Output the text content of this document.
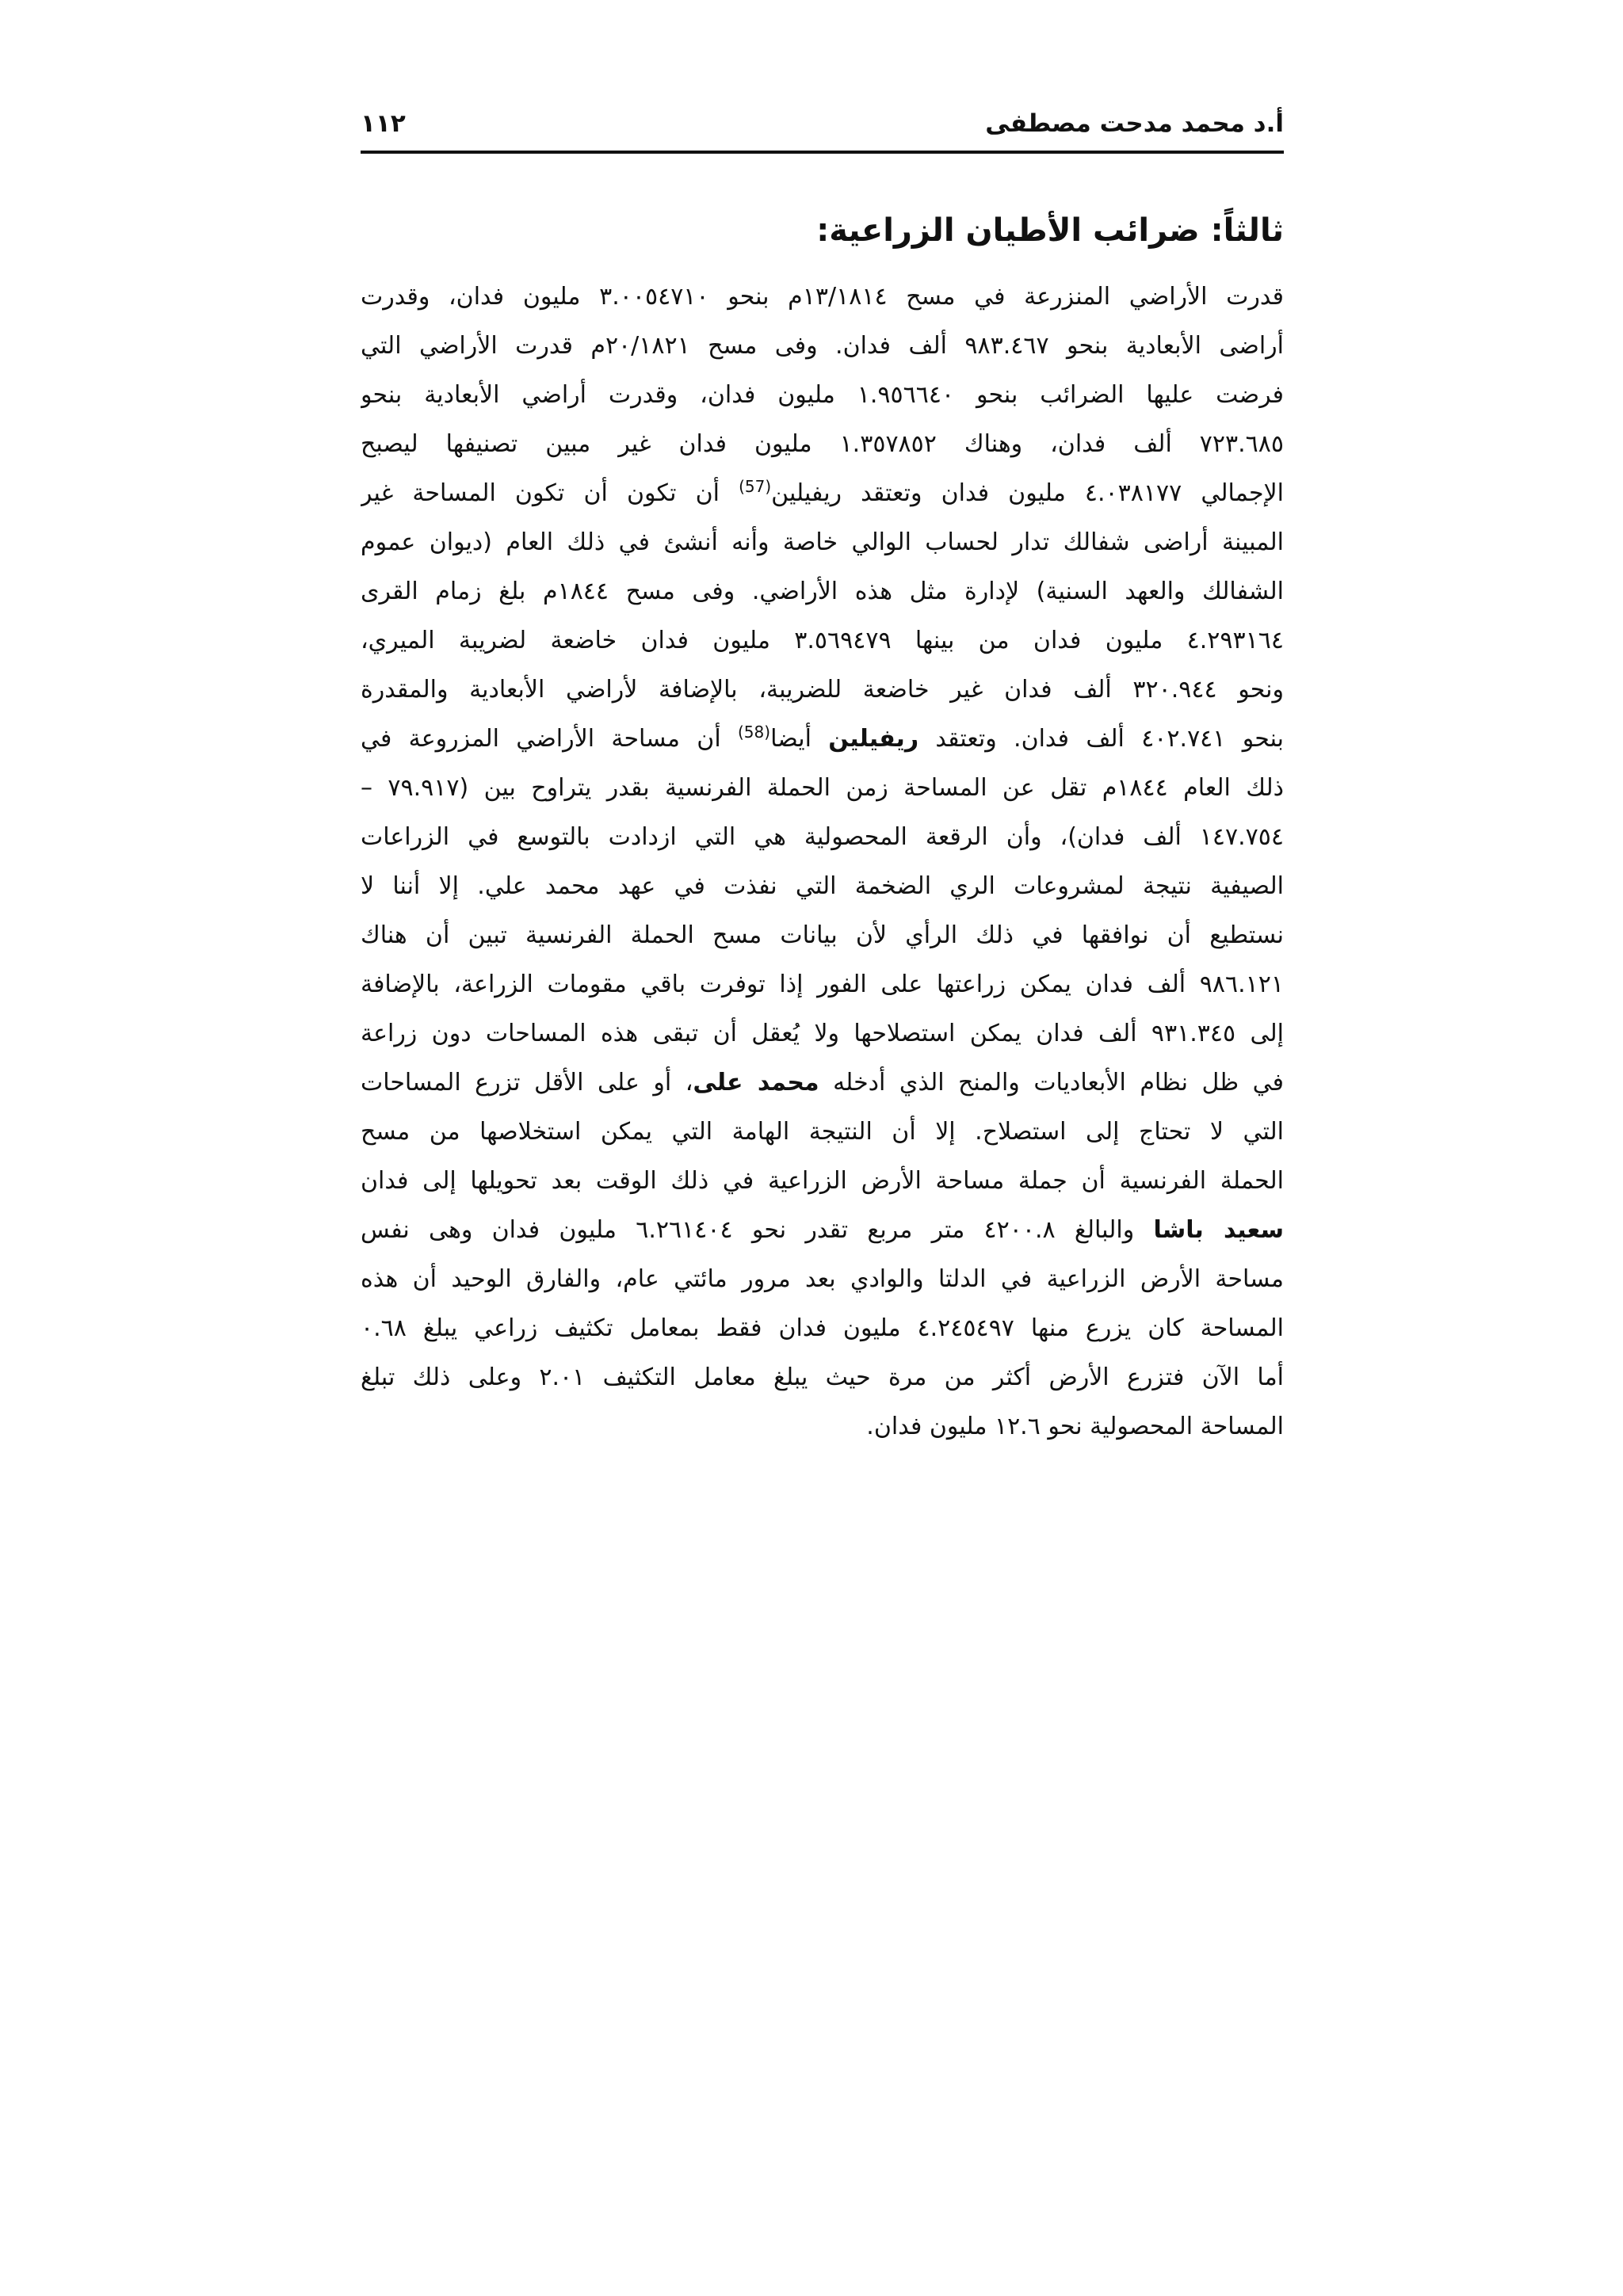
أ.د محمد مدحت مصطفى
١١٢
ثالثاً: ضرائب الأطيان الزراعية:
قدرت الأراضي المنزرعة في مسح ١٣/١٨١٤م بنحو ٣.٠٠٥٤٧١٠ مليون فدان، وقدرت
أراضى الأبعادية بنحو ٩٨٣.٤٦٧ ألف فدان. وفى مسح ٢٠/١٨٢١م قدرت الأراضي التي
فرضت عليها الضرائب بنحو ١.٩٥٦٦٤٠ مليون فدان، وقدرت أراضي الأبعادية بنحو
٧٢٣.٦٨٥ ألف فدان، وهناك ١.٣٥٧٨٥٢ مليون فدان غير مبين تصنيفها ليصبح
الإجمالي ٤.٠٣٨١٧٧ مليون فدان وتعتقد ريفيلين$^{(57)}$ أن تكون أن تكون المساحة غير
المبينة أراضى شفالك تدار لحساب الوالي خاصة وأنه أنشئ في ذلك العام (ديوان عموم
الشفالك والعهد السنية) لإدارة مثل هذه الأراضي. وفى مسح ١٨٤٤م بلغ زمام القرى
٤.٢٩٣١٦٤ مليون فدان من بينها ٣.٥٦٩٤٧٩ مليون فدان خاضعة لضريبة الميري،
ونحو ٣٢٠.٩٤٤ ألف فدان غير خاضعة للضريبة، بالإضافة لأراضي الأبعادية والمقدرة
بنحو ٤٠٢.٧٤١ ألف فدان. وتعتقد ريفيلين أيضا$^{(58)}$ أن مساحة الأراضي المزروعة في
ذلك العام ١٨٤٤م تقل عن المساحة زمن الحملة الفرنسية بقدر يتراوح بين (٧٩.٩١٧ –
١٤٧.٧٥٤ ألف فدان)، وأن الرقعة المحصولية هي التي ازدادت بالتوسع في الزراعات
الصيفية نتيجة لمشروعات الري الضخمة التي نفذت في عهد محمد علي. إلا أننا لا
نستطيع أن نوافقها في ذلك الرأي لأن بيانات مسح الحملة الفرنسية تبين أن هناك
٩٨٦.١٢١ ألف فدان يمكن زراعتها على الفور إذا توفرت باقي مقومات الزراعة، بالإضافة
إلى ٩٣١.٣٤٥ ألف فدان يمكن استصلاحها ولا يُعقل أن تبقى هذه المساحات دون زراعة
في ظل نظام الأبعاديات والمنح الذي أدخله محمد على، أو على الأقل تزرع المساحات
التي لا تحتاج إلى استصلاح. إلا أن النتيجة الهامة التي يمكن استخلاصها من مسح
الحملة الفرنسية أن جملة مساحة الأرض الزراعية في ذلك الوقت بعد تحويلها إلى فدان
سعيد باشا والبالغ ٤٢٠٠.٨ متر مربع تقدر نحو ٦.٢٦١٤٠٤ مليون فدان وهى نفس
مساحة الأرض الزراعية في الدلتا والوادي بعد مرور مائتي عام، والفارق الوحيد أن هذه
المساحة كان يزرع منها ٤.٢٤٥٤٩٧ مليون فدان فقط بمعامل تكثيف زراعي يبلغ ٠.٦٨
أما الآن فتزرع الأرض أكثر من مرة حيث يبلغ معامل التكثيف ٢.٠١ وعلى ذلك تبلغ
المساحة المحصولية نحو ١٢.٦ مليون فدان.
